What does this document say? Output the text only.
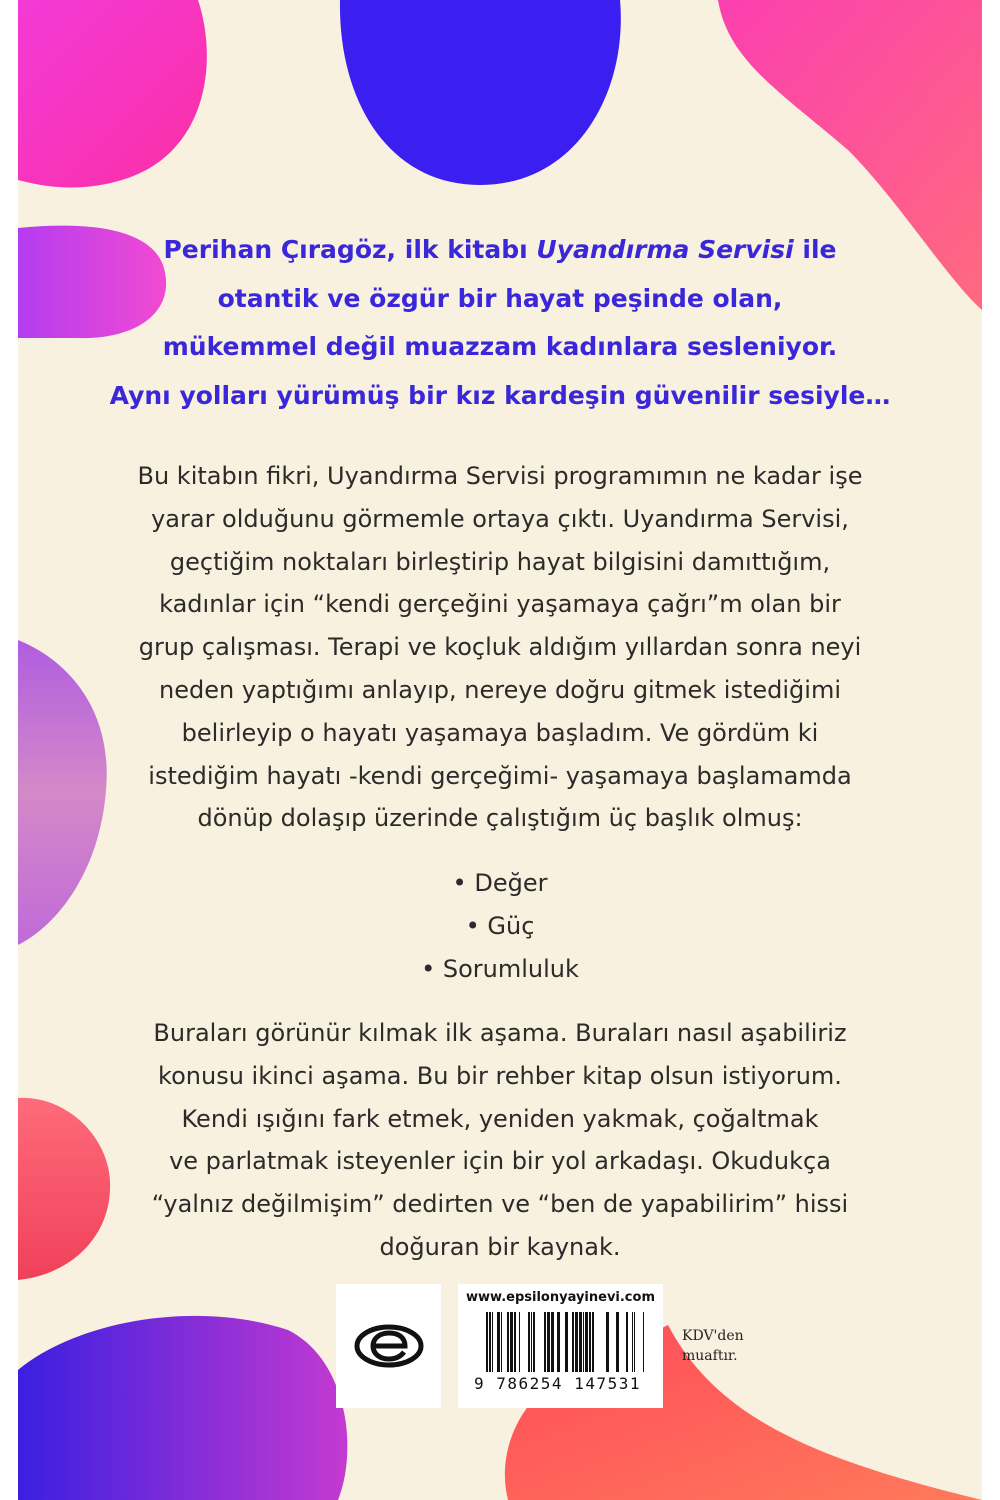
Perihan Çıragöz, ilk kitabı Uyandırma Servisi ile
otantik ve özgür bir hayat peşinde olan,
mükemmel değil muazzam kadınlara sesleniyor.
Aynı yolları yürümüş bir kız kardeşin güvenilir sesiyle…
Bu kitabın fikri, Uyandırma Servisi programımın ne kadar işe
yarar olduğunu görmemle ortaya çıktı. Uyandırma Servisi,
geçtiğim noktaları birleştirip hayat bilgisini damıttığım,
kadınlar için “kendi gerçeğini yaşamaya çağrı”m olan bir
grup çalışması. Terapi ve koçluk aldığım yıllardan sonra neyi
neden yaptığımı anlayıp, nereye doğru gitmek istediğimi
belirleyip o hayatı yaşamaya başladım. Ve gördüm ki
istediğim hayatı -kendi gerçeğimi- yaşamaya başlamamda
dönüp dolaşıp üzerinde çalıştığım üç başlık olmuş:
• Değer
• Güç
• Sorumluluk
Buraları görünür kılmak ilk aşama. Buraları nasıl aşabiliriz
konusu ikinci aşama. Bu bir rehber kitap olsun istiyorum.
Kendi ışığını fark etmek, yeniden yakmak, çoğaltmak
ve parlatmak isteyenler için bir yol arkadaşı. Okudukça
“yalnız değilmişim” dedirten ve “ben de yapabilirim” hissi
doğuran bir kaynak.
www.epsilonyayinevi.com
9 786254 147531
KDV'den
muaftır.
